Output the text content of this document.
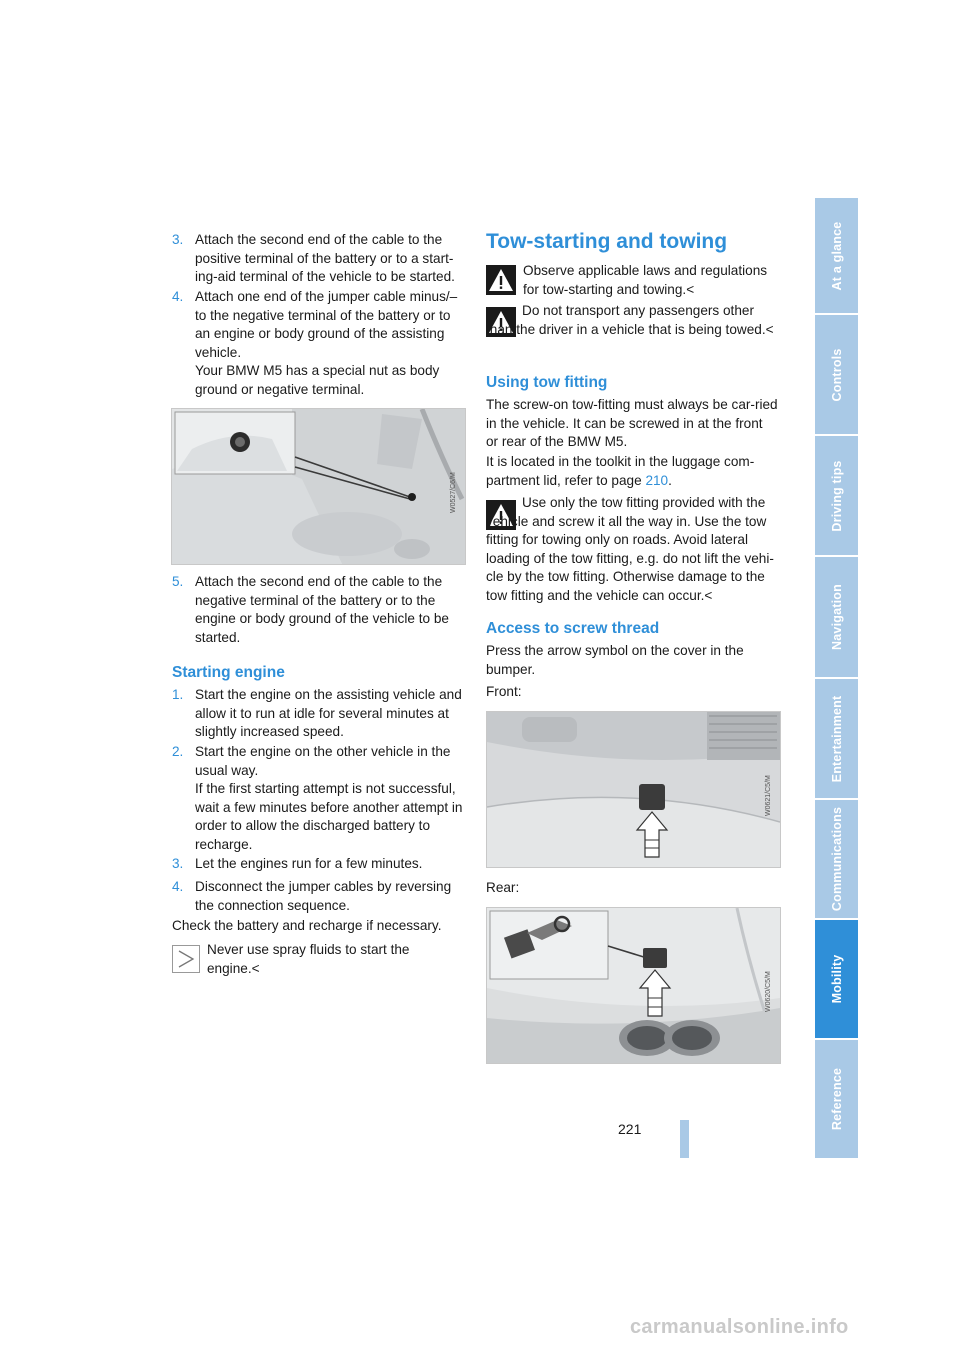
3. Attach the second end of the cable to the positive terminal of the battery or to a start-ing-aid terminal of the vehicle to be started.
4. Attach one end of the jumper cable minus/– to the negative terminal of the battery or to an engine or body ground of the assisting vehicle.
Your BMW M5 has a special nut as body ground or negative terminal.
W0527/C6/M
5. Attach the second end of the cable to the negative terminal of the battery or to the engine or body ground of the vehicle to be started.
Starting engine
1. Start the engine on the assisting vehicle and allow it to run at idle for several minutes at slightly increased speed.
2. Start the engine on the other vehicle in the usual way.
If the first starting attempt is not successful, wait a few minutes before another attempt in order to allow the discharged battery to recharge.
3. Let the engines run for a few minutes.
4. Disconnect the jumper cables by reversing the connection sequence.
Check the battery and recharge if necessary.
Never use spray fluids to start the engine.<
Tow-starting and towing
Observe applicable laws and regulations for tow-starting and towing.<
Do not transport any passengers other than the driver in a vehicle that is being towed.<
Using tow fitting
The screw-on tow-fitting must always be car-ried in the vehicle. It can be screwed in at the front or rear of the BMW M5.
It is located in the toolkit in the luggage com-partment lid, refer to page 210.
Use only the tow fitting provided with the vehicle and screw it all the way in. Use the tow fitting for towing only on roads. Avoid lateral loading of the tow fitting, e.g. do not lift the vehi-cle by the tow fitting. Otherwise damage to the tow fitting and the vehicle can occur.<
Access to screw thread
Press the arrow symbol on the cover in the bumper.
Front:
W0621/C5/M
Rear:
W0620/C5/M
At a glance
Controls
Driving tips
Navigation
Entertainment
Communications
Mobility
Reference
221
carmanualsonline.info
